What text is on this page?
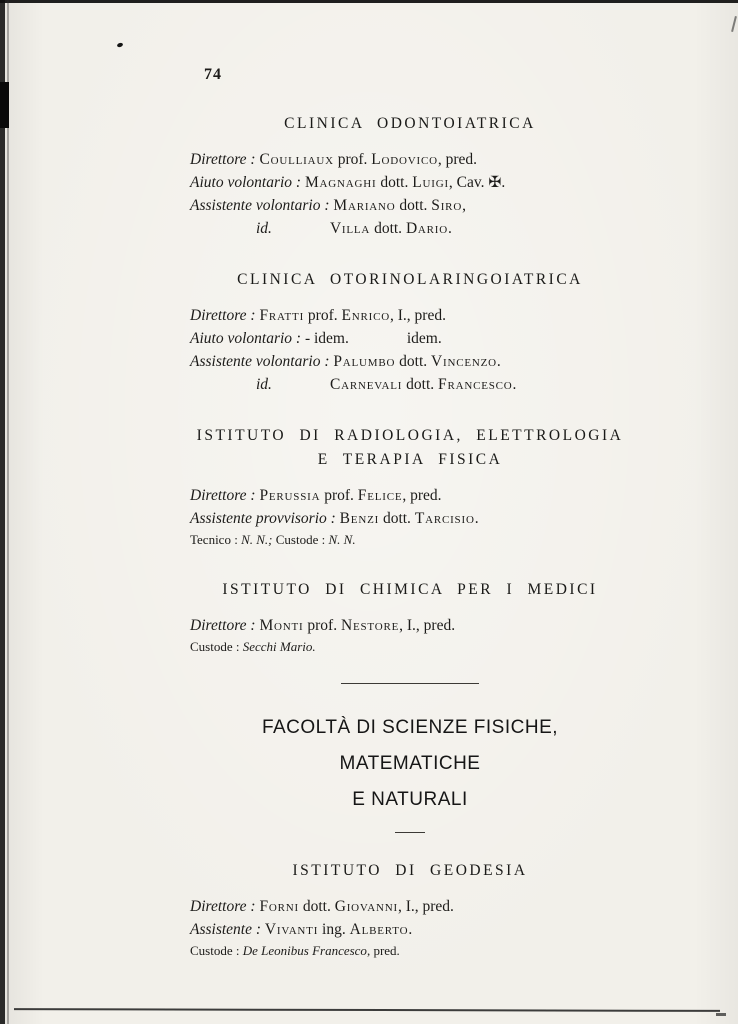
74
CLINICA ODONTOIATRICA

Direttore : Coulliaux prof. Lodovico, pred.

Aiuto volontario : Magnaghi dott. Luigi, Cav. ✠.

Assistente volontario : Mariano dott. Siro,

id.	Villa dott. Dario.

CLINICA OTORINOLARINGOIATRICA

Direttore : Fratti prof. Enrico, I., pred.

Aiuto volontario : - idem.	idem.

Assistente volontario : Palumbo dott. Vincenzo.

id.	Carnevali dott. Francesco.

ISTITUTO DI RADIOLOGIA, ELETTROLOGIA
E TERAPIA FISICA

Direttore : Perussia prof. Felice, pred.

Assistente provvisorio : Benzi dott. Tarcisio.

Tecnico : N. N.; Custode : N. N.

ISTITUTO DI CHIMICA PER I MEDICI

Direttore : Monti prof. Nestore, I., pred.

Custode : Secchi Mario.

FACOLTÀ DI SCIENZE FISICHE, MATEMATICHE
E NATURALI
ISTITUTO DI GEODESIA

Direttore : Forni dott. Giovanni, I., pred.

Assistente : Vivanti ing. Alberto.

Custode : De Leonibus Francesco, pred.
